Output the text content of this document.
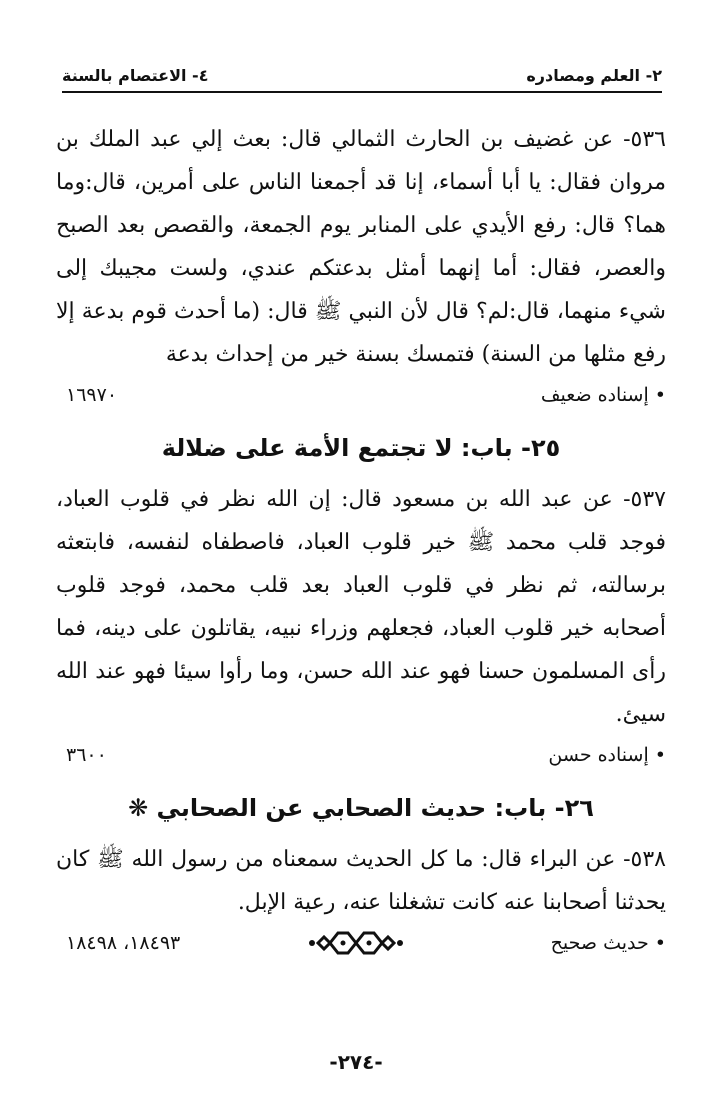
٢- العلم ومصادره
٤- الاعتصام بالسنة

٥٣٦- عن غضيف بن الحارث الثمالي قال: بعث إلي عبد الملك بن مروان فقال: يا أبا أسماء، إنا قد أجمعنا الناس على أمرين، قال:وما هما؟ قال: رفع الأيدي على المنابر يوم الجمعة، والقصص بعد الصبح والعصر، فقال: أما إنهما أمثل بدعتكم عندي، ولست مجيبك إلى شيء منهما، قال:لم؟ قال لأن النبي ﷺ قال: (ما أحدث قوم بدعة إلا رفع مثلها من السنة) فتمسك بسنة خير من إحداث بدعة

• إسناده ضعيف
١٦٩٧٠
٢٥- باب: لا تجتمع الأمة على ضلالة

٥٣٧- عن عبد الله بن مسعود قال: إن الله نظر في قلوب العباد، فوجد قلب محمد ﷺ خير قلوب العباد، فاصطفاه لنفسه، فابتعثه برسالته، ثم نظر في قلوب العباد بعد قلب محمد، فوجد قلوب أصحابه خير قلوب العباد، فجعلهم وزراء نبيه، يقاتلون على دينه، فما رأى المسلمون حسنا فهو عند الله حسن، وما رأوا سيئا فهو عند الله سيئ.

• إسناده حسن
٣٦٠٠
٢٦- باب: حديث الصحابي عن الصحابي ❋

٥٣٨- عن البراء قال: ما كل الحديث سمعناه من رسول الله ﷺ كان يحدثنا أصحابنا عنه كانت تشغلنا عنه، رعية الإبل.

• حديث صحيح
١٨٤٩٣، ١٨٤٩٨
-٢٧٤-
